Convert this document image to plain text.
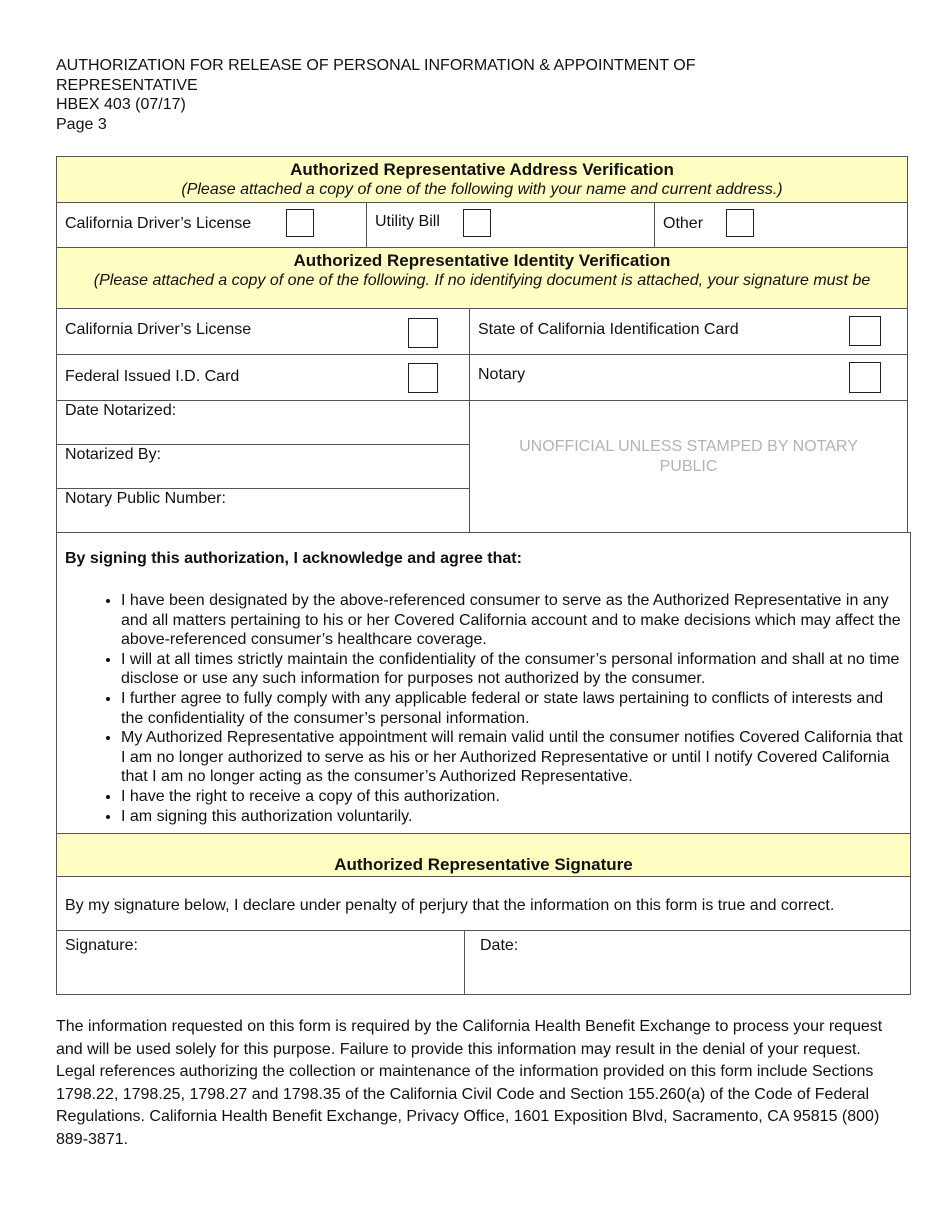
AUTHORIZATION FOR RELEASE OF PERSONAL INFORMATION & APPOINTMENT OF
REPRESENTATIVE
HBEX 403 (07/17)
Page 3
Authorized Representative Address Verification
(Please attached a copy of one of the following with your name and current address.)
California Driver’s License	Utility Bill	Other
Authorized Representative Identity Verification
(Please attached a copy of one of the following. If no identifying document is attached, your signature must be
California Driver’s License	State of California Identification Card
Federal Issued I.D. Card	Notary
Date Notarized:
Notarized By:
Notary Public Number:
UNOFFICIAL UNLESS STAMPED BY NOTARY
PUBLIC
By signing this authorization, I acknowledge and agree that:
• I have been designated by the above-referenced consumer to serve as the Authorized Representative in any and all matters pertaining to his or her Covered California account and to make decisions which may affect the above-referenced consumer’s healthcare coverage.
• I will at all times strictly maintain the confidentiality of the consumer’s personal information and shall at no time disclose or use any such information for purposes not authorized by the consumer.
• I further agree to fully comply with any applicable federal or state laws pertaining to conflicts of interests and the confidentiality of the consumer’s personal information.
• My Authorized Representative appointment will remain valid until the consumer notifies Covered California that I am no longer authorized to serve as his or her Authorized Representative or until I notify Covered California that I am no longer acting as the consumer’s Authorized Representative.
• I have the right to receive a copy of this authorization.
• I am signing this authorization voluntarily.
Authorized Representative Signature
By my signature below, I declare under penalty of perjury that the information on this form is true and correct.
Signature:	Date:
The information requested on this form is required by the California Health Benefit Exchange to process your request and will be used solely for this purpose. Failure to provide this information may result in the denial of your request. Legal references authorizing the collection or maintenance of the information provided on this form include Sections 1798.22, 1798.25, 1798.27 and 1798.35 of the California Civil Code and Section 155.260(a) of the Code of Federal Regulations. California Health Benefit Exchange, Privacy Office, 1601 Exposition Blvd, Sacramento, CA 95815 (800) 889-3871.
